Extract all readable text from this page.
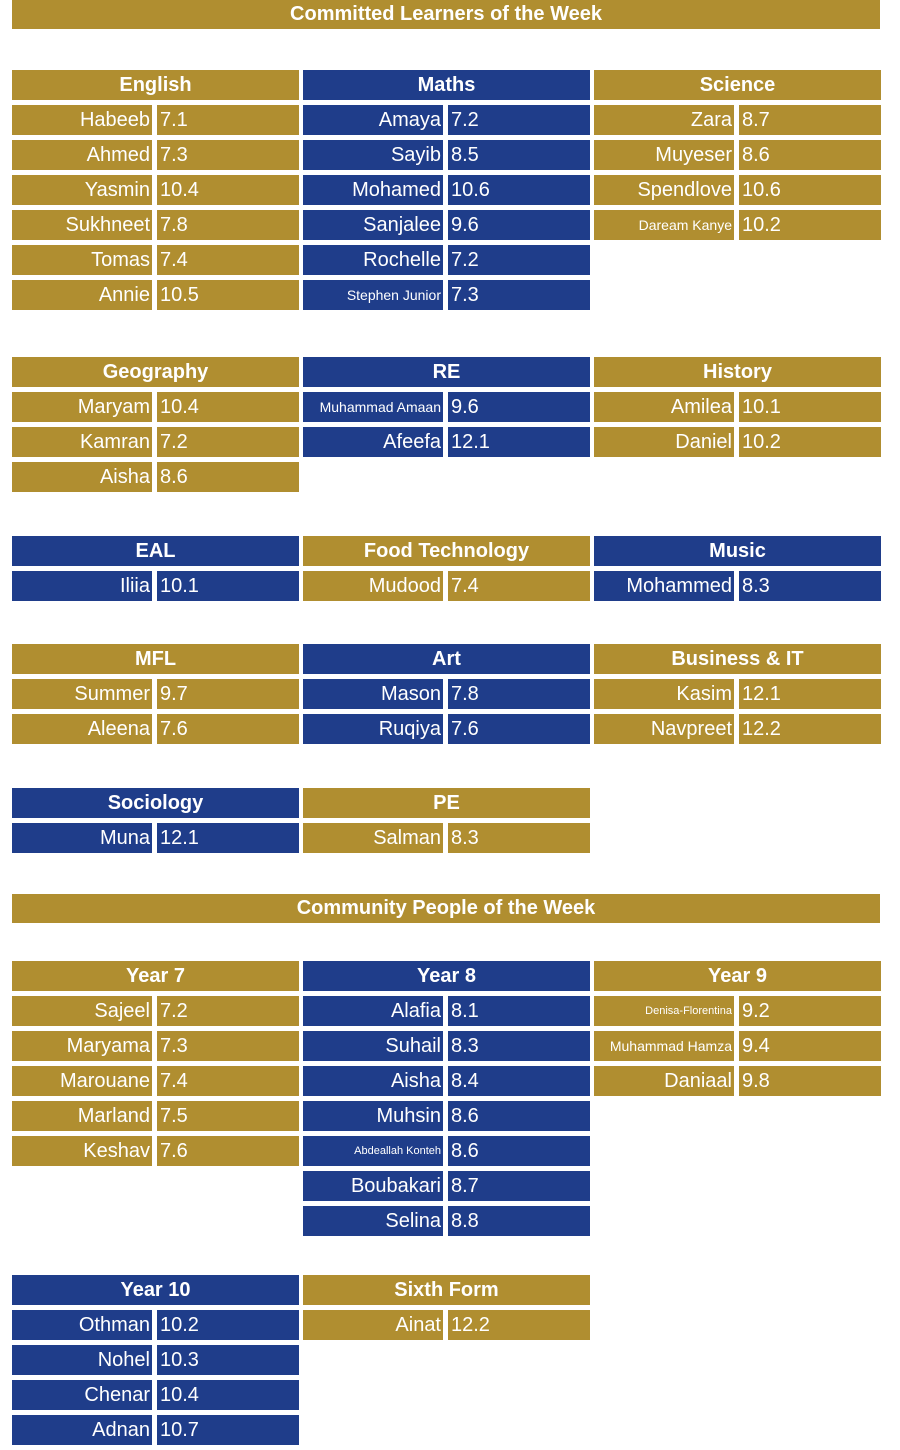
Committed Learners of the Week
Community People of the Week
English
Habeeb 7.1
Ahmed 7.3
Yasmin 10.4
Sukhneet 7.8
Tomas 7.4
Annie 10.5
Maths
Amaya 7.2
Sayib 8.5
Mohamed 10.6
Sanjalee 9.6
Rochelle 7.2
Stephen Junior 7.3
Science
Zara 8.7
Muyeser 8.6
Spendlove 10.6
Daream Kanye 10.2
Geography
Maryam 10.4
Kamran 7.2
Aisha 8.6
RE
Muhammad Amaan 9.6
Afeefa 12.1
History
Amilea 10.1
Daniel 10.2
EAL
Iliia 10.1
Food Technology
Mudood 7.4
Music
Mohammed 8.3
MFL
Summer 9.7
Aleena 7.6
Art
Mason 7.8
Ruqiya 7.6
Business & IT
Kasim 12.1
Navpreet 12.2
Sociology
Muna 12.1
PE
Salman 8.3
Year 7
Sajeel 7.2
Maryama 7.3
Marouane 7.4
Marland 7.5
Keshav 7.6
Year 8
Alafia 8.1
Suhail 8.3
Aisha 8.4
Muhsin 8.6
Abdeallah Konteh 8.6
Boubakari 8.7
Selina 8.8
Year 9
Denisa-Florentina 9.2
Muhammad Hamza 9.4
Daniaal 9.8
Year 10
Othman 10.2
Nohel 10.3
Chenar 10.4
Adnan 10.7
Sixth Form
Ainat 12.2
